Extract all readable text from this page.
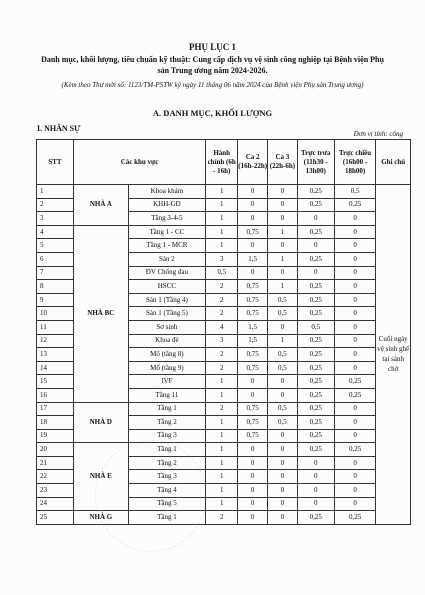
PHỤ LỤC 1
Danh mục, khối lượng, tiêu chuẩn kỹ thuật: Cung cấp dịch vụ vệ sinh công nghiệp tại Bệnh viện Phụ sản Trung ương năm 2024-2026.
(Kèm theo Thư mời số: 1123/TM-PSTW ký ngày 11 tháng 06 năm 2024 của Bệnh viện Phụ sản Trung ương)
A. DANH MỤC, KHỐI LƯỢNG
I. NHÂN SỰ
Đơn vị tính: công
STT	Các khu vực		Hành chính (6h - 16h)	Ca 2 (16h-22h)	Ca 3 (22h-6h)	Trực trưa (11h30 - 13h00)	Trực chiều (16h00 - 18h00)	Ghi chú
1	NHÀ A	Khoa khám	1	0	0	0,25	0,5	Cuối ngày vệ sinh ghế tại sảnh chờ
2		KHH-GĐ	1	0	0	0,25	0,25	
3		Tầng 3-4-5	1	0	0	0	0	
4	NHÀ BC	Tầng 1 - CC	1	0,75	1	0,25	0	
5		Tầng 1 - MCR	1	0	0	0	0	
6		Sản 2	3	1,5	1	0,25	0	
7		ĐV Chống đau	0,5	0	0	0	0	
8		HSCC	2	0,75	1	0,25	0	
9		Sản 1 (Tầng 4)	2	0,75	0,5	0,25	0	
10		Sản 1 (Tầng 5)	2	0,75	0,5	0,25	0	
11		Sơ sinh	4	1,5	0	0,5	0	
12		Khoa đẻ	3	1,5	1	0,25	0	
13		Mổ (tầng 8)	2	0,75	0,5	0,25	0	
14		Mổ (tầng 9)	2	0,75	0,5	0,25	0	
15		IVF	1	0	0	0,25	0,25	
16		Tầng 11	1	0	0	0,25	0,25	
17	NHÀ D	Tầng 1	2	0,75	0,5	0,25	0	
18		Tầng 2	1	0,75	0,5	0,25	0	
19		Tầng 3	1	0,75	0	0,25	0	
20	NHÀ E	Tầng 1	1	0	0	0,25	0,25	
21		Tầng 2	1	0	0	0	0	
22		Tầng 3	1	0	0	0	0	
23		Tầng 4	1	0	0	0	0	
24		Tầng 5	1	0	0	0	0	
25	NHÀ G	Tầng 1	2	0	0	0,25	0,25	
